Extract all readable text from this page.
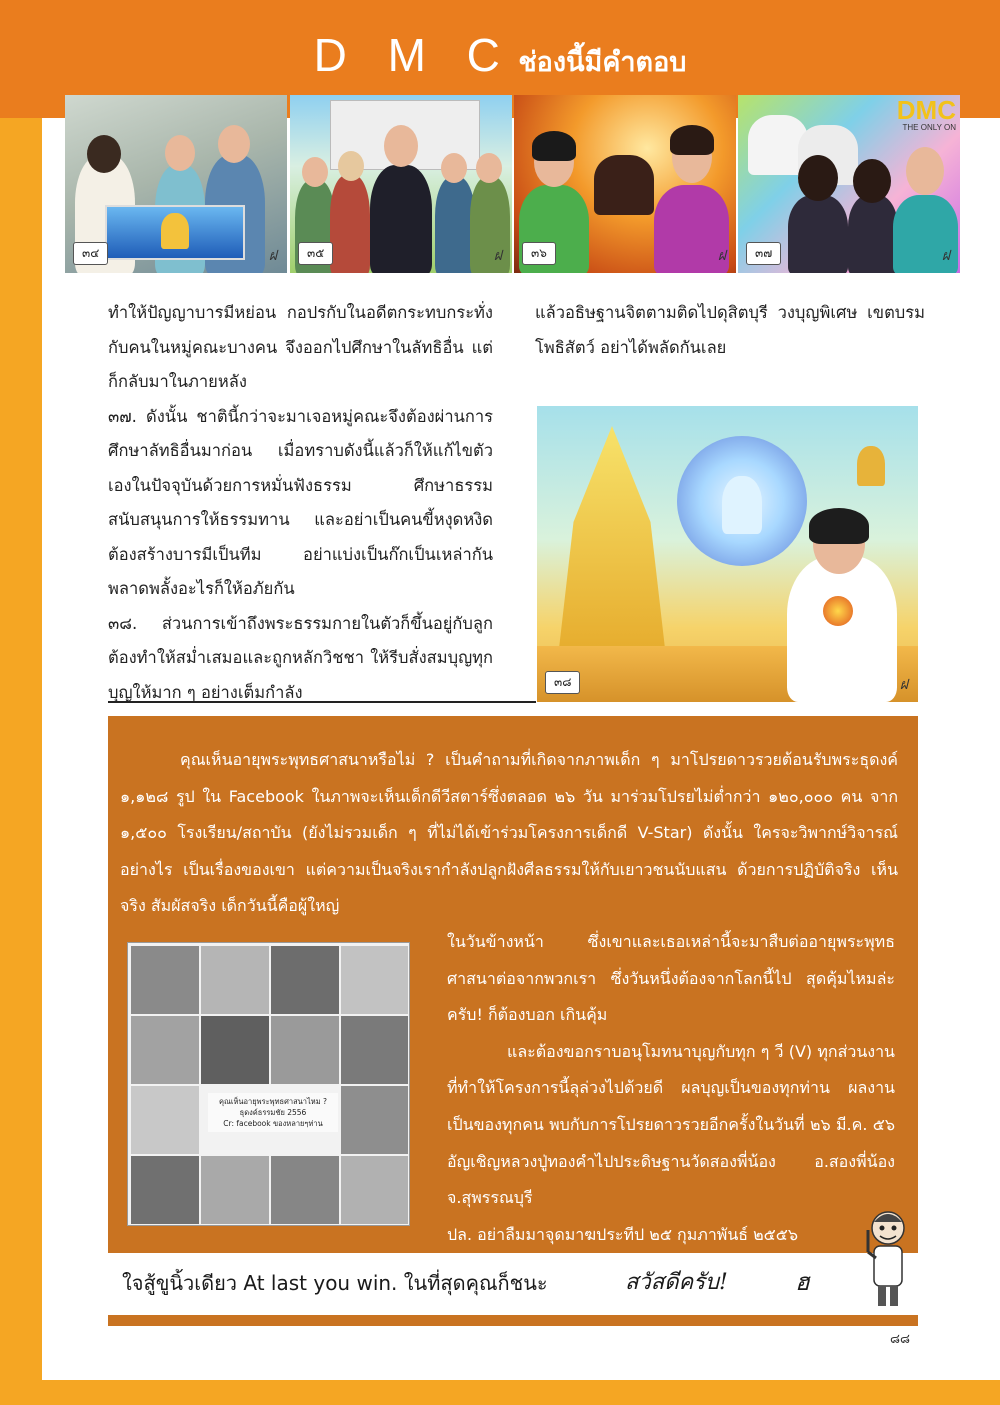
D M C ช่องนี้มีคำตอบ
๓๔	ฝ	๓๕	ฝ	๓๖	ฝ
DMC
THE ONLY ON
๓๗	ฝ

ทำให้ปัญญาบารมีหย่อน กอปรกับในอดีตกระทบกระทั่งกับคนในหมู่คณะบางคน จึงออกไปศึกษาในลัทธิอื่น แต่ก็กลับมาในภายหลัง

๓๗. ดังนั้น ชาตินี้กว่าจะมาเจอหมู่คณะจึงต้องผ่านการศึกษาลัทธิอื่นมาก่อน เมื่อทราบดังนี้แล้วก็ให้แก้ไขตัวเองในปัจจุบันด้วยการหมั่นฟังธรรม ศึกษาธรรม สนับสนุนการให้ธรรมทาน และอย่าเป็นคนขี้หงุดหงิด ต้องสร้างบารมีเป็นทีม อย่าแบ่งเป็นก๊กเป็นเหล่ากัน พลาดพลั้งอะไรก็ให้อภัยกัน

๓๘. ส่วนการเข้าถึงพระธรรมกายในตัวก็ขึ้นอยู่กับลูกต้องทำให้สม่ำเสมอและถูกหลักวิชชา ให้รีบสั่งสมบุญทุกบุญให้มาก ๆ อย่างเต็มกำลัง

แล้วอธิษฐานจิตตามติดไปดุสิตบุรี วงบุญพิเศษ เขตบรมโพธิสัตว์ อย่าได้พลัดกันเลย

๓๘	ฝ

คุณเห็นอายุพระพุทธศาสนาหรือไม่ ? เป็นคำถามที่เกิดจากภาพเด็ก ๆ มาโปรยดาวรวยต้อนรับพระธุดงค์ ๑,๑๒๘ รูป ใน Facebook ในภาพจะเห็นเด็กดีวีสตาร์ซึ่งตลอด ๒๖ วัน มาร่วมโปรยไม่ต่ำกว่า ๑๒๐,๐๐๐ คน จาก ๑,๕๐๐ โรงเรียน/สถาบัน (ยังไม่รวมเด็ก ๆ ที่ไม่ได้เข้าร่วมโครงการเด็กดี V-Star) ดังนั้น ใครจะวิพากษ์วิจารณ์อย่างไร เป็นเรื่องของเขา แต่ความเป็นจริงเรากำลังปลูกฝังศีลธรรมให้กับเยาวชนนับแสน ด้วยการปฏิบัติจริง เห็นจริง สัมผัสจริง เด็กวันนี้คือผู้ใหญ่

ในวันข้างหน้า ซึ่งเขาและเธอเหล่านี้จะมาสืบต่ออายุพระพุทธศาสนาต่อจากพวกเรา ซึ่งวันหนึ่งต้องจากโลกนี้ไป สุดคุ้มไหมล่ะครับ! ก็ต้องบอก เกินคุ้ม

และต้องขอกราบอนุโมทนาบุญกับทุก ๆ วี (V) ทุกส่วนงานที่ทำให้โครงการนี้ลุล่วงไปด้วยดี ผลบุญเป็นของทุกท่าน ผลงานเป็นของทุกคน พบกับการโปรยดาวรวยอีกครั้งในวันที่ ๒๖ มี.ค. ๕๖ อัญเชิญหลวงปู่ทองคำไปประดิษฐานวัดสองพี่น้อง อ.สองพี่น้อง จ.สุพรรณบุรี

ปล. อย่าลืมมาจุดมาฆประทีป ๒๕ กุมภาพันธ์ ๒๕๕๖

คุณเห็นอายุพระพุทธศาสนาไหม ?
ธุดงค์ธรรมชัย 2556
Cr: facebook ของหลายๆท่าน
ใจสู้ขูนิ้วเดียว At last you win. ในที่สุดคุณก็ชนะ	สวัสดีครับ!	ฮ
๘๘
